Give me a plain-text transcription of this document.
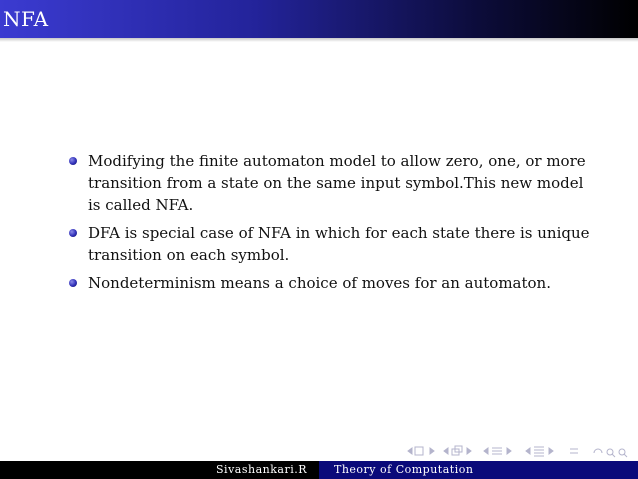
NFA
Modifying the finite automaton model to allow zero, one, or more transition from a state on the same input symbol.This new model is called NFA.
DFA is special case of NFA in which for each state there is unique transition on each symbol.
Nondeterminism means a choice of moves for an automaton.
Sivashankari.R	Theory of Computation
